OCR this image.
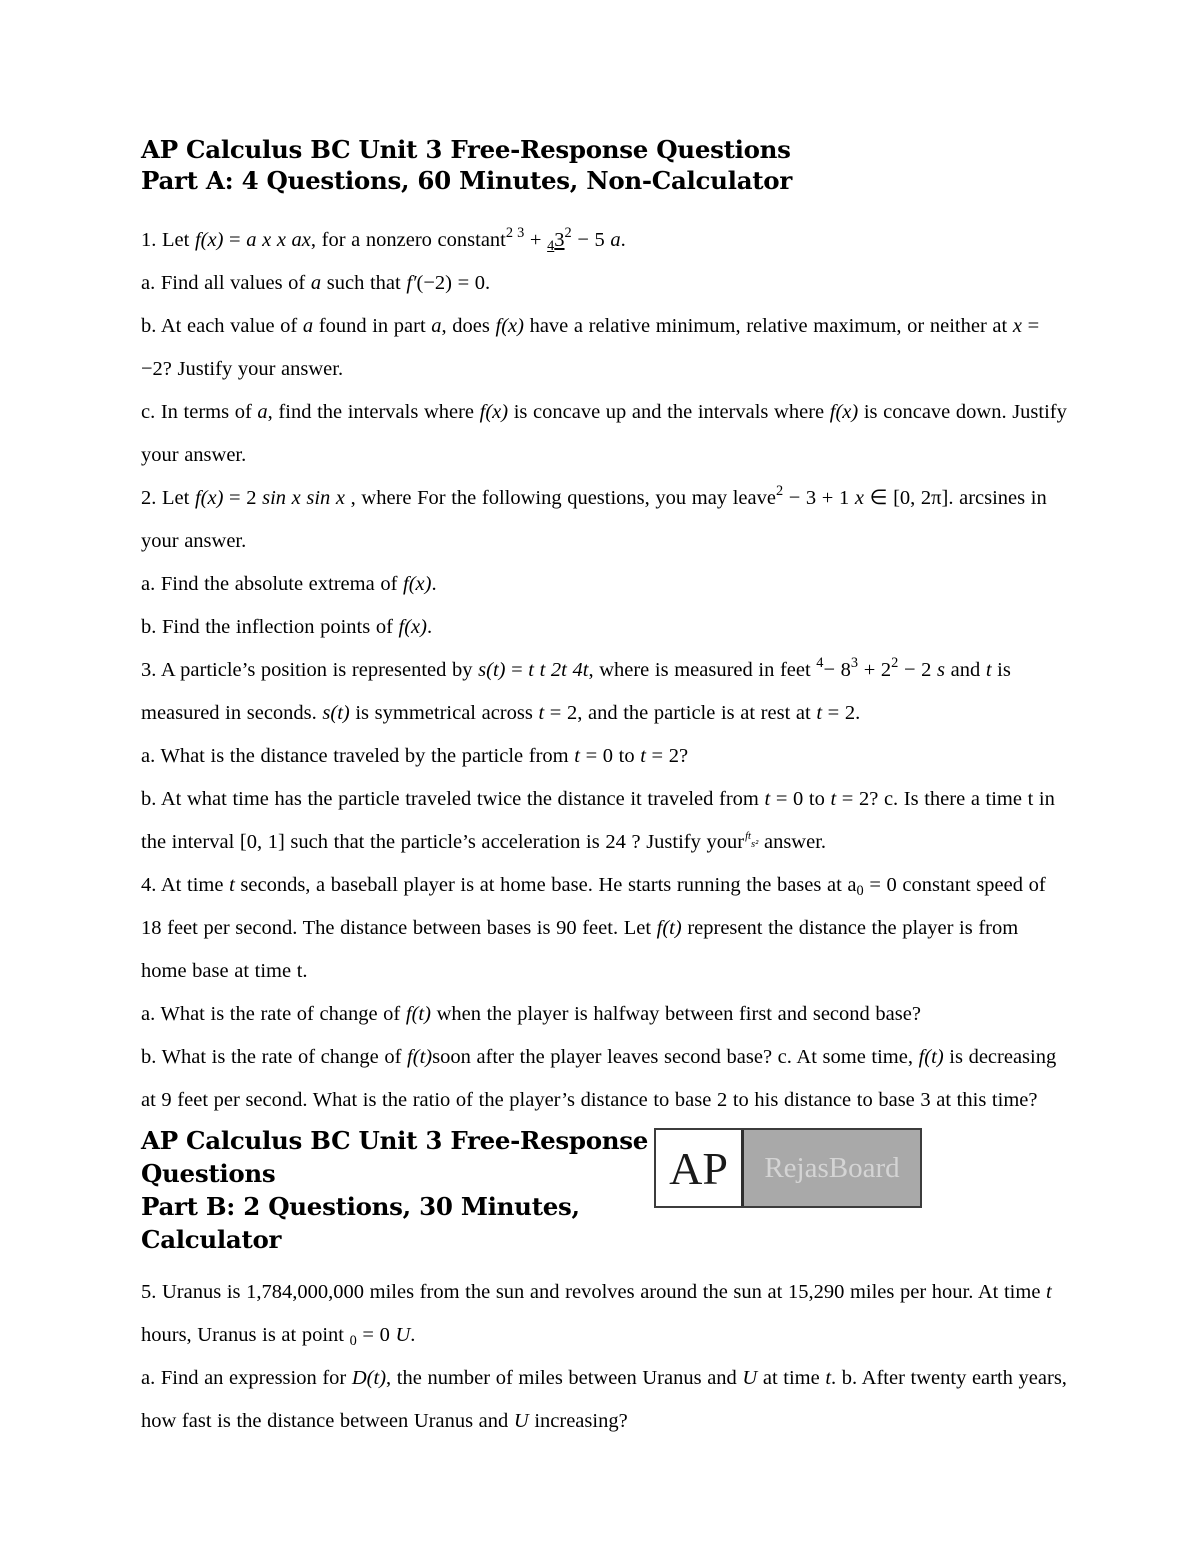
AP Calculus BC Unit 3 Free-Response Questions
Part A: 4 Questions, 60 Minutes, Non-Calculator

1. Let f(x) = a x x ax, for a nonzero constant$^{2 3}$ + $43^2 - 5$ a.

a. Find all values of a such that f′(−2) = 0.

b. At each value of a found in part a, does f(x) have a relative minimum, relative maximum, or neither at x = −2? Justify your answer.

c. In terms of a, find the intervals where f(x) is concave up and the intervals where f(x) is concave down. Justify your answer.

2. Let f(x) = 2 sin x sin x , where For the following questions, you may leave$^2$ − 3 + 1 x ∈ [0, 2π]. arcsines in your answer.

a. Find the absolute extrema of f(x).

b. Find the inflection points of f(x).

3. A particle’s position is represented by s(t) = t t 2t 4t, where is measured in feet $^4- 8^3 + 2^2 - 2$ s and t is measured in seconds. s(t) is symmetrical across t = 2, and the particle is at rest at t = 2.

a. What is the distance traveled by the particle from t = 0 to t = 2?

b. At what time has the particle traveled twice the distance it traveled from t = 0 to t = 2? c. Is there a time t in the interval [0, 1] such that the particle’s acceleration is 24 ? Justify your$^{ft}$s² answer.

4. At time t seconds, a baseball player is at home base. He starts running the bases at a0 = 0 constant speed of 18 feet per second. The distance between bases is 90 feet. Let f(t) represent the distance the player is from home base at time t.

a. What is the rate of change of f(t) when the player is halfway between first and second base?

b. What is the rate of change of f(t)soon after the player leaves second base? c. At some time, f(t) is decreasing at 9 feet per second. What is the ratio of the player’s distance to base 2 to his distance to base 3 at this time?

AP Calculus BC Unit 3 Free-Response
Questions
Part B: 2 Questions, 30 Minutes,
Calculator
AP RejasBoard

5. Uranus is 1,784,000,000 miles from the sun and revolves around the sun at 15,290 miles per hour. At time t hours, Uranus is at point 0 = 0 U.

a. Find an expression for D(t), the number of miles between Uranus and U at time t. b. After twenty earth years, how fast is the distance between Uranus and U increasing?
